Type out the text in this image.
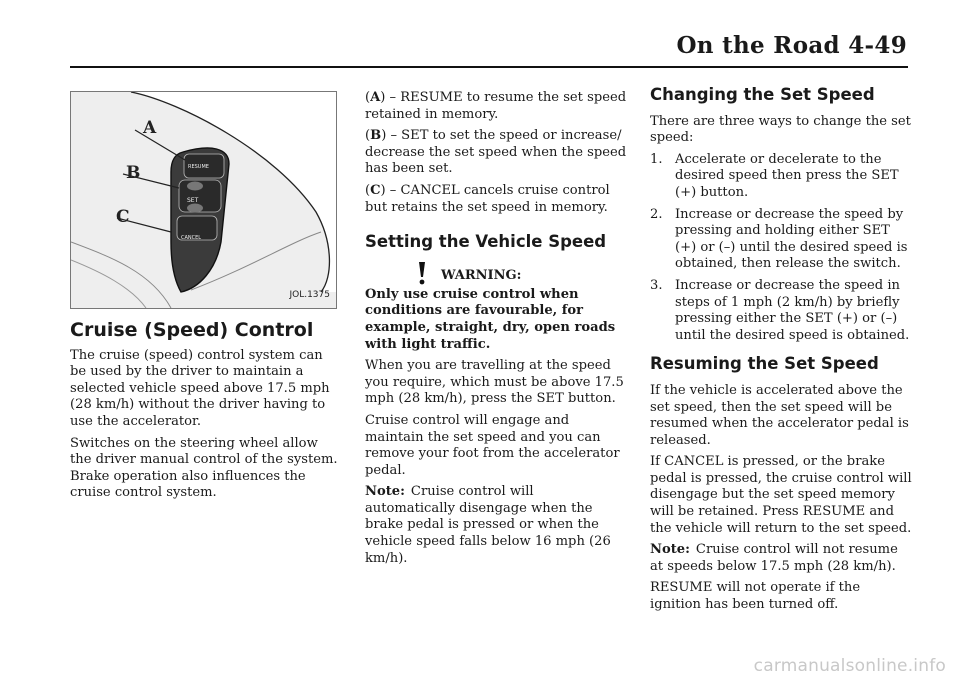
On the Road 4-49
A
B
C
RESUME
SET
CANCEL
JOL.1375
Cruise (Speed) Control

The cruise (speed) control system can be used by the driver to maintain a selected vehicle speed above 17.5 mph (28 km/h) without the driver having to use the accelerator.

Switches on the steering wheel allow the driver manual control of the system. Brake operation also influences the cruise control system.

(A) – RESUME to resume the set speed retained in memory.

(B) – SET to set the speed or increase/ decrease the set speed when the speed has been set.

(C) – CANCEL cancels cruise control but retains the set speed in memory.

Setting the Vehicle Speed
WARNING:

Only use cruise control when conditions are favourable, for example, straight, dry, open roads with light traffic.

When you are travelling at the speed you require, which must be above 17.5 mph (28 km/h), press the SET button.

Cruise control will engage and maintain the set speed and you can remove your foot from the accelerator pedal.

Note: Cruise control will automatically disengage when the brake pedal is pressed or when the vehicle speed falls below 16 mph (26 km/h).

Changing the Set Speed

There are three ways to change the set speed:

1. Accelerate or decelerate to the desired speed then press the SET (+) button.
2. Increase or decrease the speed by pressing and holding either SET (+) or (–) until the desired speed is obtained, then release the switch.
3. Increase or decrease the speed in steps of 1 mph (2 km/h) by briefly pressing either the SET (+) or (–) until the desired speed is obtained.
Resuming the Set Speed

If the vehicle is accelerated above the set speed, then the set speed will be resumed when the accelerator pedal is released.

If CANCEL is pressed, or the brake pedal is pressed, the cruise control will disengage but the set speed memory will be retained. Press RESUME and the vehicle will return to the set speed.

Note: Cruise control will not resume at speeds below 17.5 mph (28 km/h).

RESUME will not operate if the ignition has been turned off.

carmanualsonline.info
